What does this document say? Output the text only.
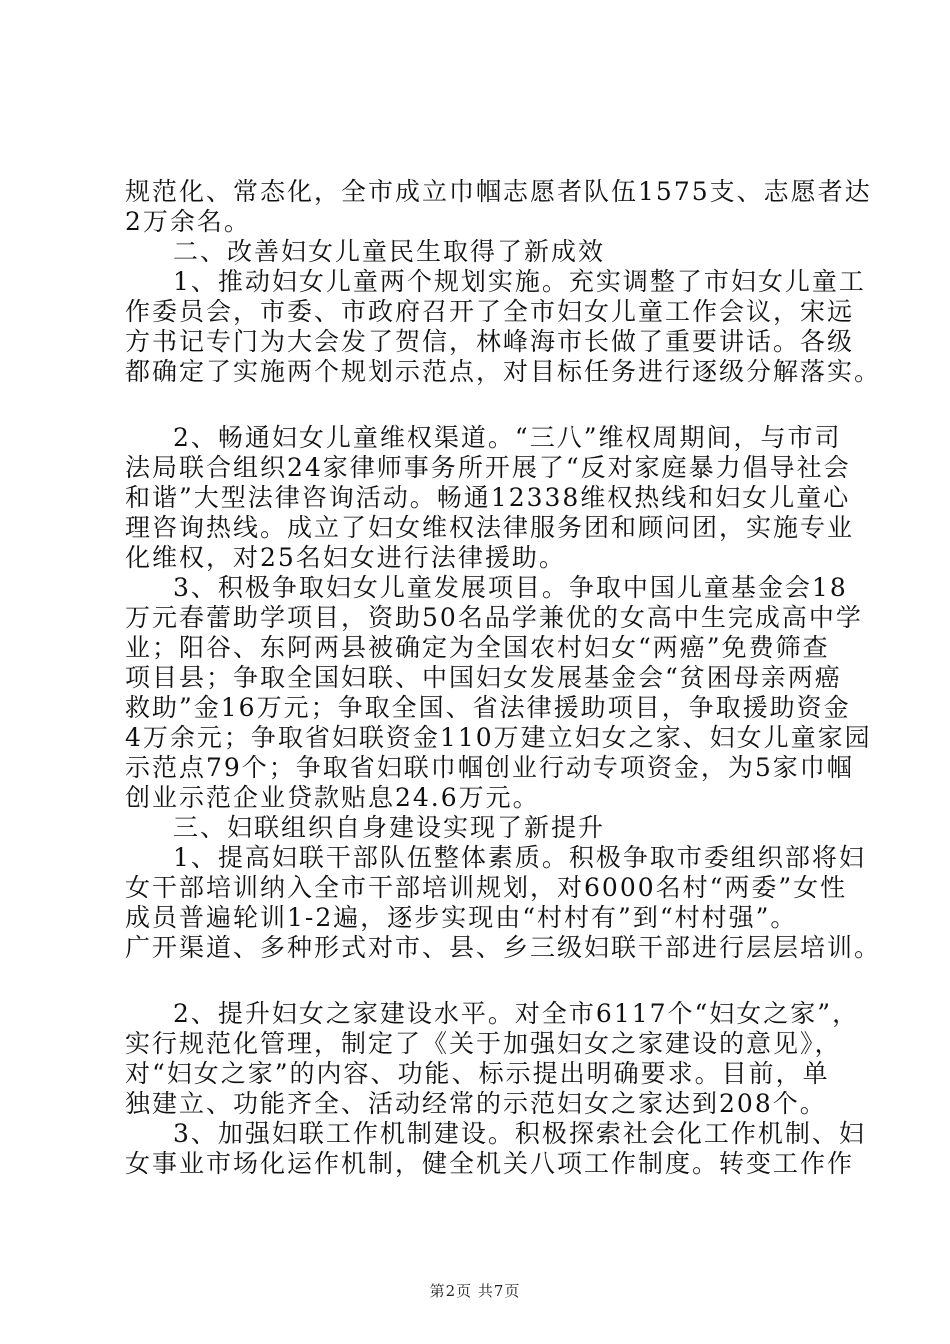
规范化、常态化，全市成立巾帼志愿者队伍1575支、志愿者达
2万余名。
二、改善妇女儿童民生取得了新成效
1、推动妇女儿童两个规划实施。充实调整了市妇女儿童工
作委员会，市委、市政府召开了全市妇女儿童工作会议，宋远
方书记专门为大会发了贺信，林峰海市长做了重要讲话。各级
都确定了实施两个规划示范点，对目标任务进行逐级分解落实。
2、畅通妇女儿童维权渠道。“三八”维权周期间，与市司
法局联合组织24家律师事务所开展了“反对家庭暴力倡导社会
和谐”大型法律咨询活动。畅通12338维权热线和妇女儿童心
理咨询热线。成立了妇女维权法律服务团和顾问团，实施专业
化维权，对25名妇女进行法律援助。
3、积极争取妇女儿童发展项目。争取中国儿童基金会18
万元春蕾助学项目，资助50名品学兼优的女高中生完成高中学
业；阳谷、东阿两县被确定为全国农村妇女“两癌”免费筛查
项目县；争取全国妇联、中国妇女发展基金会“贫困母亲两癌
救助”金16万元；争取全国、省法律援助项目，争取援助资金
4万余元；争取省妇联资金110万建立妇女之家、妇女儿童家园
示范点79个；争取省妇联巾帼创业行动专项资金，为5家巾帼
创业示范企业贷款贴息24.6万元。
三、妇联组织自身建设实现了新提升
1、提高妇联干部队伍整体素质。积极争取市委组织部将妇
女干部培训纳入全市干部培训规划，对6000名村“两委”女性
成员普遍轮训1-2遍，逐步实现由“村村有”到“村村强”。
广开渠道、多种形式对市、县、乡三级妇联干部进行层层培训。
2、提升妇女之家建设水平。对全市6117个“妇女之家”，
实行规范化管理，制定了《关于加强妇女之家建设的意见》，
对“妇女之家”的内容、功能、标示提出明确要求。目前，单
独建立、功能齐全、活动经常的示范妇女之家达到208个。
3、加强妇联工作机制建设。积极探索社会化工作机制、妇
女事业市场化运作机制，健全机关八项工作制度。转变工作作
第2页 共7页
